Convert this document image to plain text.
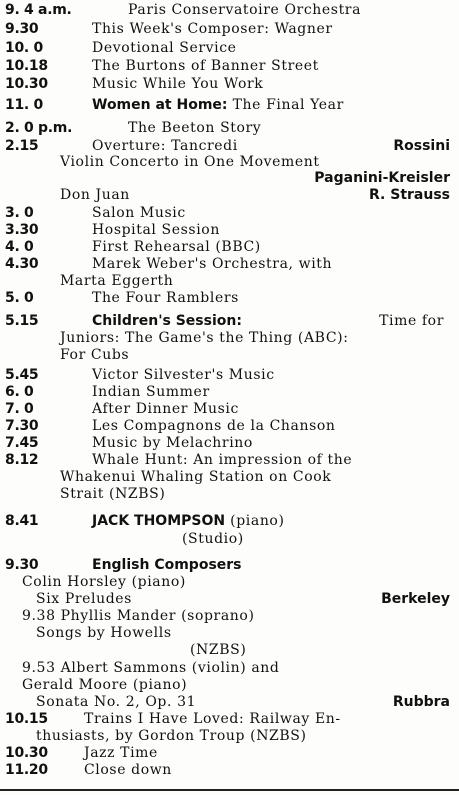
9. 4 a.m.	Paris Conservatoire Orchestra
9.30	This Week's Composer: Wagner
10. 0	Devotional Service
10.18	The Burtons of Banner Street
10.30	Music While You Work
11. 0	Women at Home: The Final Year
2. 0 p.m.	The Beeton Story
2.15	Overture: Tancredi	Rossini
Violin Concerto in One Movement
Paganini-Kreisler
Don Juan	R. Strauss
3. 0	Salon Music
3.30	Hospital Session
4. 0	First Rehearsal (BBC)
4.30	Marek Weber's Orchestra, with
Marta Eggerth
5. 0	The Four Ramblers
5.15	Children's Session:	Time for
Juniors: The Game's the Thing (ABC):
For Cubs
5.45	Victor Silvester's Music
6. 0	Indian Summer
7. 0	After Dinner Music
7.30	Les Compagnons de la Chanson
7.45	Music by Melachrino
8.12	Whale Hunt: An impression of the
Whakenui Whaling Station on Cook
Strait (NZBS)
8.41	JACK THOMPSON (piano)
(Studio)
9.30	English Composers
Colin Horsley (piano)
Six Preludes	Berkeley
9.38 Phyllis Mander (soprano)
Songs by Howells
(NZBS)
9.53 Albert Sammons (violin) and
Gerald Moore (piano)
Sonata No. 2, Op. 31	Rubbra
10.15	Trains I Have Loved: Railway En-
thusiasts, by Gordon Troup (NZBS)
10.30	Jazz Time
11.20	Close down
